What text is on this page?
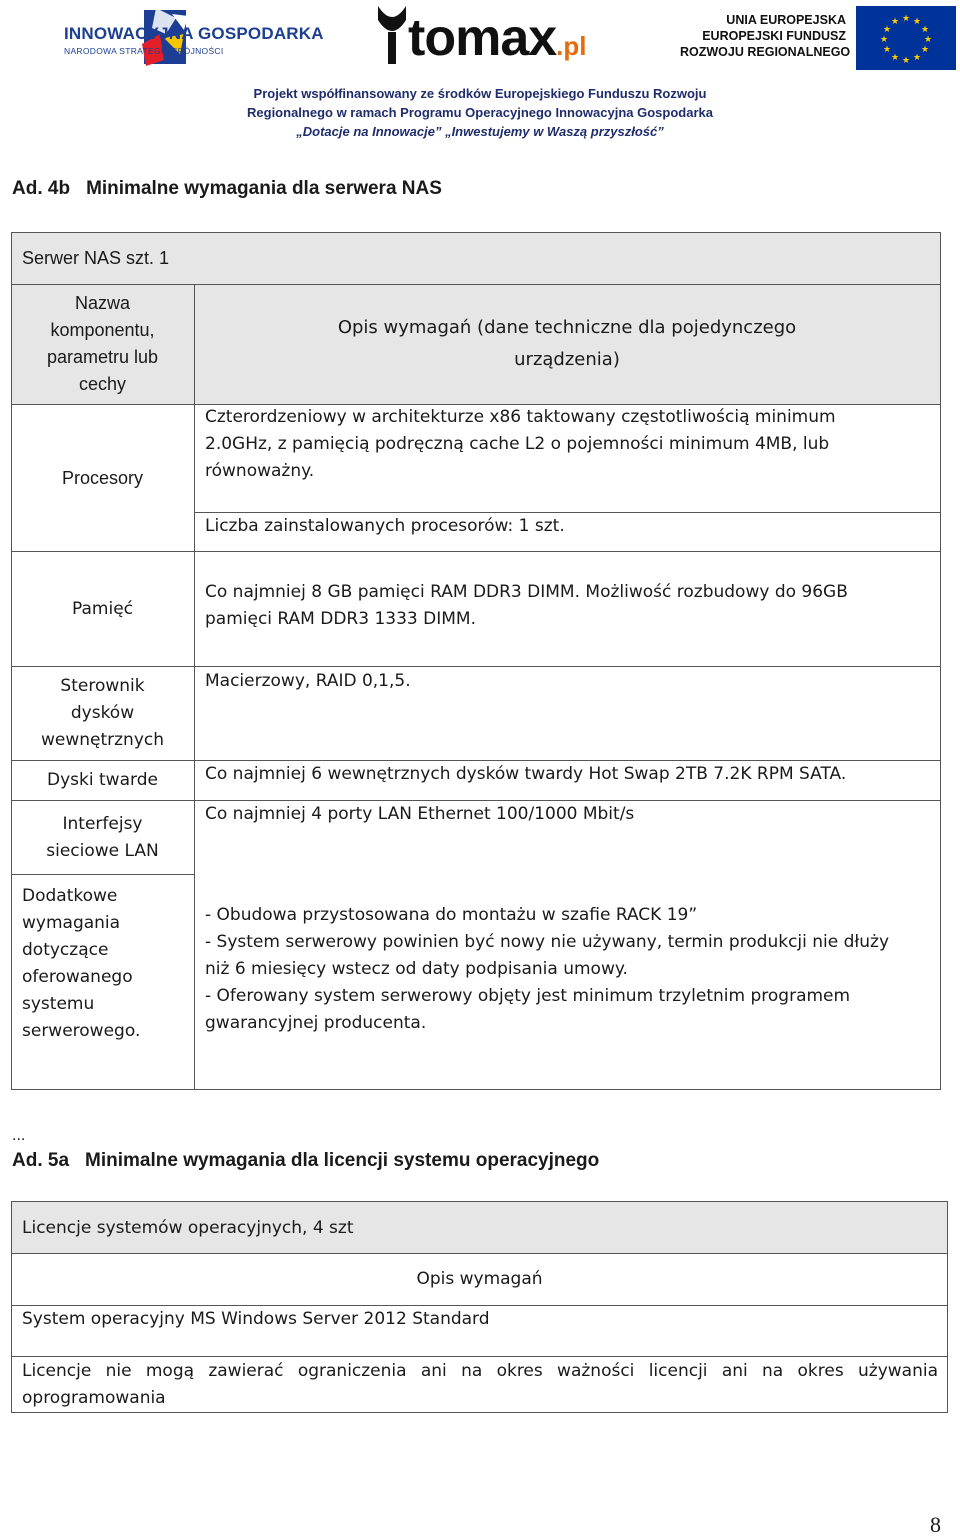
INNOWACYJNA GOSPODARKA
NARODOWA STRATEGIA SPÓJNOŚCI	tomax.pl
UNIA EUROPEJSKA
EUROPEJSKI FUNDUSZ
ROZWOJU REGIONALNEGO
★ ★
★
★
★
★
★
★
★
★
★
★
Projekt współfinansowany ze środków Europejskiego Funduszu Rozwoju
Regionalnego w ramach Programu Operacyjnego Innowacyjna Gospodarka
„Dotacje na Innowacje” „Inwestujemy w Waszą przyszłość”
Ad. 4b Minimalne wymagania dla serwera NAS
Serwer NAS szt. 1
Nazwa
komponentu,
parametru lub
cechy
Opis wymagań (dane techniczne dla pojedynczego
urządzenia)
Procesory
Czterordzeniowy w architekturze x86 taktowany częstotliwością minimum
2.0GHz, z pamięcią podręczną cache L2 o pojemności minimum 4MB, lub
równoważny.
Liczba zainstalowanych procesorów: 1 szt.
Pamięć
Co najmniej 8 GB pamięci RAM DDR3 DIMM. Możliwość rozbudowy do 96GB
pamięci RAM DDR3 1333 DIMM.
Sterownik
dysków
wewnętrznych
Macierzowy, RAID 0,1,5.
Dyski twarde	Co najmniej 6 wewnętrznych dysków twardy Hot Swap 2TB 7.2K RPM SATA.
Interfejsy
sieciowe LAN
Co najmniej 4 porty LAN Ethernet 100/1000 Mbit/s
Dodatkowe
wymagania
dotyczące
oferowanego
systemu
serwerowego.
- Obudowa przystosowana do montażu w szafie RACK 19”
- System serwerowy powinien być nowy nie używany, termin produkcji nie dłuży
niż 6 miesięcy wstecz od daty podpisania umowy.
- Oferowany system serwerowy objęty jest minimum trzyletnim programem
gwarancyjnej producenta.
...
Ad. 5a Minimalne wymagania dla licencji systemu operacyjnego
Licencje systemów operacyjnych, 4 szt
Opis wymagań
System operacyjny MS Windows Server 2012 Standard
Licencje nie mogą zawierać ograniczenia ani na okres ważności licencji ani na okres używania oprogramowania
8
